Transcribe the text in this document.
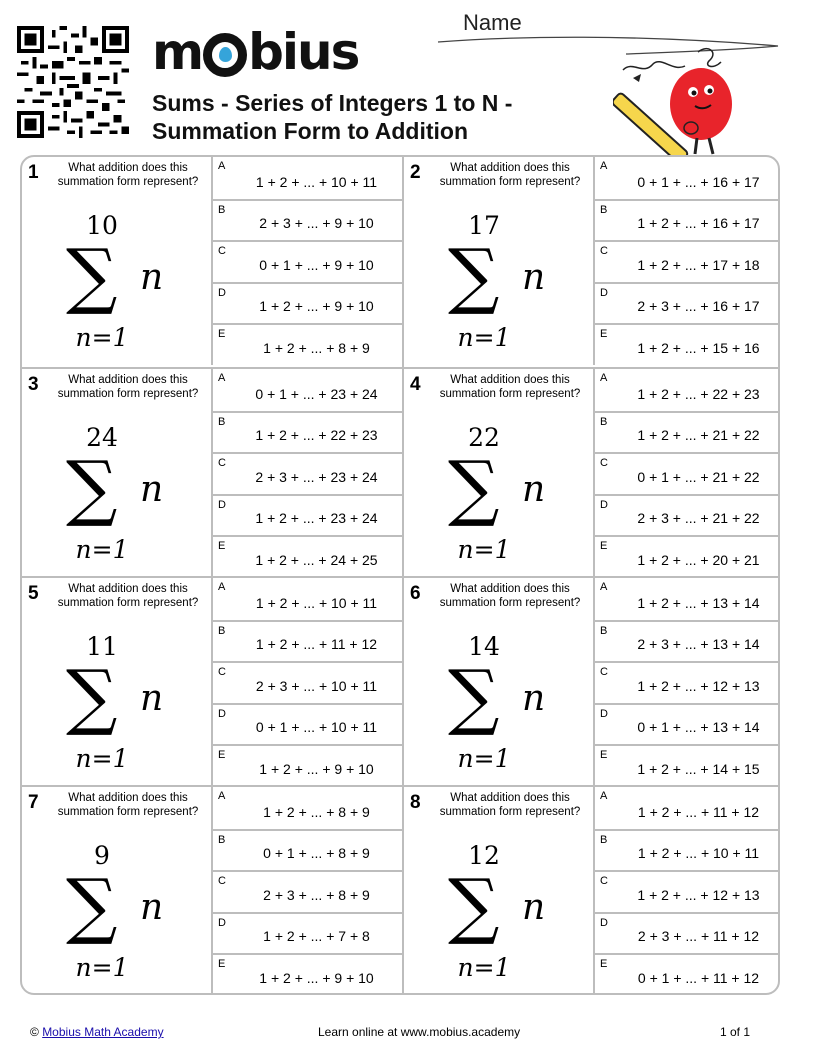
m bius
Sums - Series of Integers 1 to N - Summation Form to Addition
Name
1	What addition does this summation form represent?
10
∑ n
n=1
A
1 + 2 + ... + 10 + 11
B
2 + 3 + ... + 9 + 10
C
0 + 1 + ... + 9 + 10
D
1 + 2 + ... + 9 + 10
E
1 + 2 + ... + 8 + 9
2	What addition does this summation form represent?
17
∑ n
n=1
A
0 + 1 + ... + 16 + 17
B
1 + 2 + ... + 16 + 17
C
1 + 2 + ... + 17 + 18
D
2 + 3 + ... + 16 + 17
E
1 + 2 + ... + 15 + 16
3	What addition does this summation form represent?
24
∑ n
n=1
A
0 + 1 + ... + 23 + 24
B
1 + 2 + ... + 22 + 23
C
2 + 3 + ... + 23 + 24
D
1 + 2 + ... + 23 + 24
E
1 + 2 + ... + 24 + 25
4	What addition does this summation form represent?
22
∑ n
n=1
A
1 + 2 + ... + 22 + 23
B
1 + 2 + ... + 21 + 22
C
0 + 1 + ... + 21 + 22
D
2 + 3 + ... + 21 + 22
E
1 + 2 + ... + 20 + 21
5	What addition does this summation form represent?
11
∑ n
n=1
A
1 + 2 + ... + 10 + 11
B
1 + 2 + ... + 11 + 12
C
2 + 3 + ... + 10 + 11
D
0 + 1 + ... + 10 + 11
E
1 + 2 + ... + 9 + 10
6	What addition does this summation form represent?
14
∑ n
n=1
A
1 + 2 + ... + 13 + 14
B
2 + 3 + ... + 13 + 14
C
1 + 2 + ... + 12 + 13
D
0 + 1 + ... + 13 + 14
E
1 + 2 + ... + 14 + 15
7	What addition does this summation form represent?
9
∑ n
n=1
A
1 + 2 + ... + 8 + 9
B
0 + 1 + ... + 8 + 9
C
2 + 3 + ... + 8 + 9
D
1 + 2 + ... + 7 + 8
E
1 + 2 + ... + 9 + 10
8	What addition does this summation form represent?
12
∑ n
n=1
A
1 + 2 + ... + 11 + 12
B
1 + 2 + ... + 10 + 11
C
1 + 2 + ... + 12 + 13
D
2 + 3 + ... + 11 + 12
E
0 + 1 + ... + 11 + 12
© Mobius Math Academy	Learn online at www.mobius.academy	1 of 1
